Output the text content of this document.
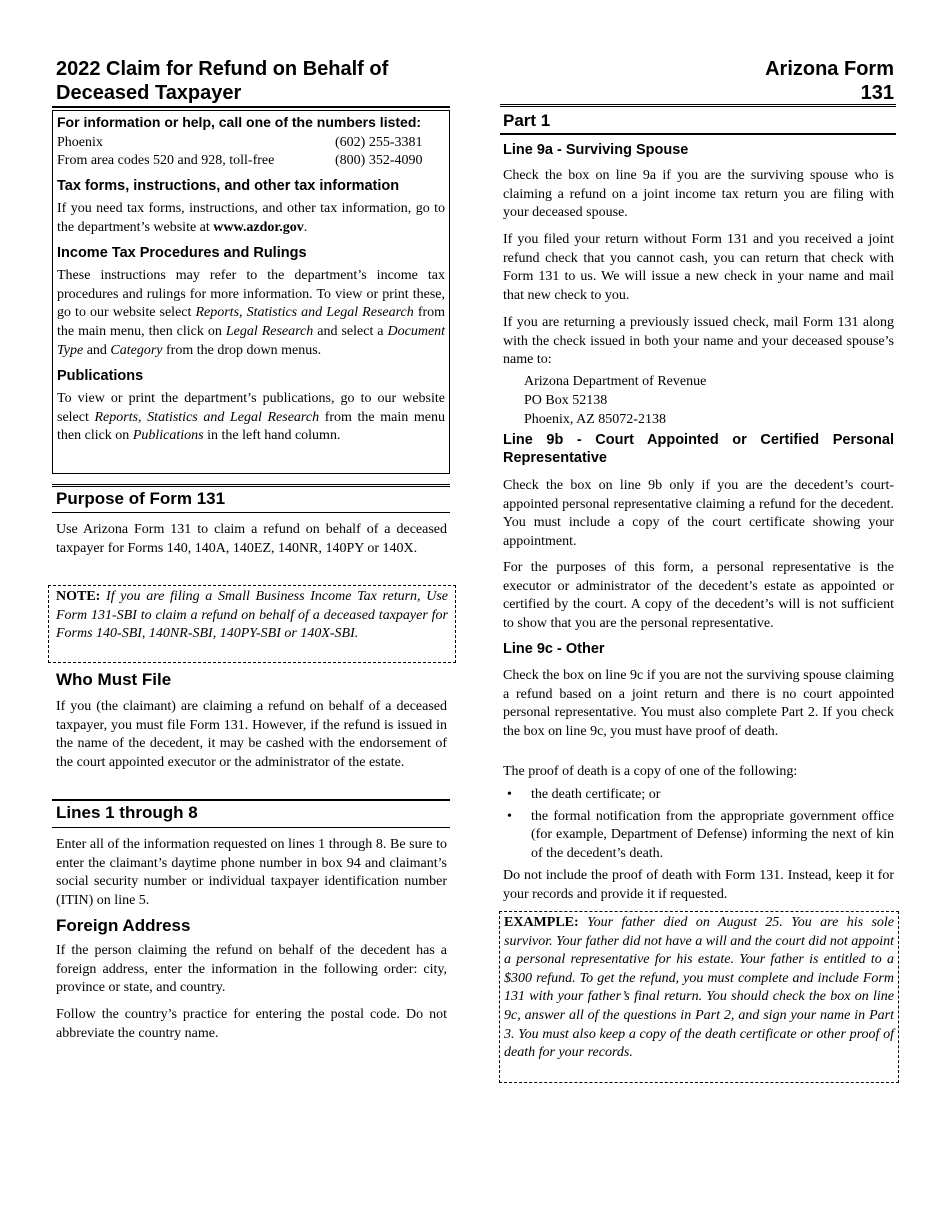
2022 Claim for Refund on Behalf of
Deceased Taxpayer
Arizona Form
131
For information or help, call one of the numbers listed:
Phoenix	(602) 255-3381
From area codes 520 and 928, toll-free	(800) 352-4090
Tax forms, instructions, and other tax information

If you need tax forms, instructions, and other tax information, go to the department’s website at www.azdor.gov.

Income Tax Procedures and Rulings

These instructions may refer to the department’s income tax procedures and rulings for more information. To view or print these, go to our website select Reports, Statistics and Legal Research from the main menu, then click on Legal Research and select a Document Type and Category from the drop down menus.

Publications

To view or print the department’s publications, go to our website select Reports, Statistics and Legal Research from the main menu then click on Publications in the left hand column.

Purpose of Form 131

Use Arizona Form 131 to claim a refund on behalf of a deceased taxpayer for Forms 140, 140A, 140EZ, 140NR, 140PY or 140X.

NOTE: If you are filing a Small Business Income Tax return, Use Form 131-SBI to claim a refund on behalf of a deceased taxpayer for Forms 140-SBI, 140NR-SBI, 140PY-SBI or 140X-SBI.

Who Must File

If you (the claimant) are claiming a refund on behalf of a deceased taxpayer, you must file Form 131. However, if the refund is issued in the name of the decedent, it may be cashed with the endorsement of the court appointed executor or the administrator of the estate.

Lines 1 through 8

Enter all of the information requested on lines 1 through 8. Be sure to enter the claimant’s daytime phone number in box 94 and claimant’s social security number or individual taxpayer identification number (ITIN) on line 5.

Foreign Address

If the person claiming the refund on behalf of the decedent has a foreign address, enter the information in the following order: city, province or state, and country.

Follow the country’s practice for entering the postal code. Do not abbreviate the country name.

Part 1
Line 9a - Surviving Spouse

Check the box on line 9a if you are the surviving spouse who is claiming a refund on a joint income tax return you are filing with your deceased spouse.

If you filed your return without Form 131 and you received a joint refund check that you cannot cash, you can return that check with Form 131 to us. We will issue a new check in your name and mail that new check to you.

If you are returning a previously issued check, mail Form 131 along with the check issued in both your name and your deceased spouse’s name to:

Arizona Department of Revenue
PO Box 52138
Phoenix, AZ 85072-2138
Line 9b - Court Appointed or Certified Personal Representative

Check the box on line 9b only if you are the decedent’s court-appointed personal representative claiming a refund for the decedent. You must include a copy of the court certificate showing your appointment.

For the purposes of this form, a personal representative is the executor or administrator of the decedent’s estate as appointed or certified by the court. A copy of the decedent’s will is not sufficient to show that you are the personal representative.

Line 9c - Other

Check the box on line 9c if you are not the surviving spouse claiming a refund based on a joint return and there is no court appointed personal representative. You must also complete Part 2. If you check the box on line 9c, you must have proof of death.

The proof of death is a copy of one of the following:

• the death certificate; or
• the formal notification from the appropriate government office (for example, Department of Defense) informing the next of kin of the decedent’s death.

Do not include the proof of death with Form 131. Instead, keep it for your records and provide it if requested.

EXAMPLE: Your father died on August 25. You are his sole survivor. Your father did not have a will and the court did not appoint a personal representative for his estate. Your father is entitled to a $300 refund. To get the refund, you must complete and include Form 131 with your father’s final return. You should check the box on line 9c, answer all of the questions in Part 2, and sign your name in Part 3. You must also keep a copy of the death certificate or other proof of death for your records.
